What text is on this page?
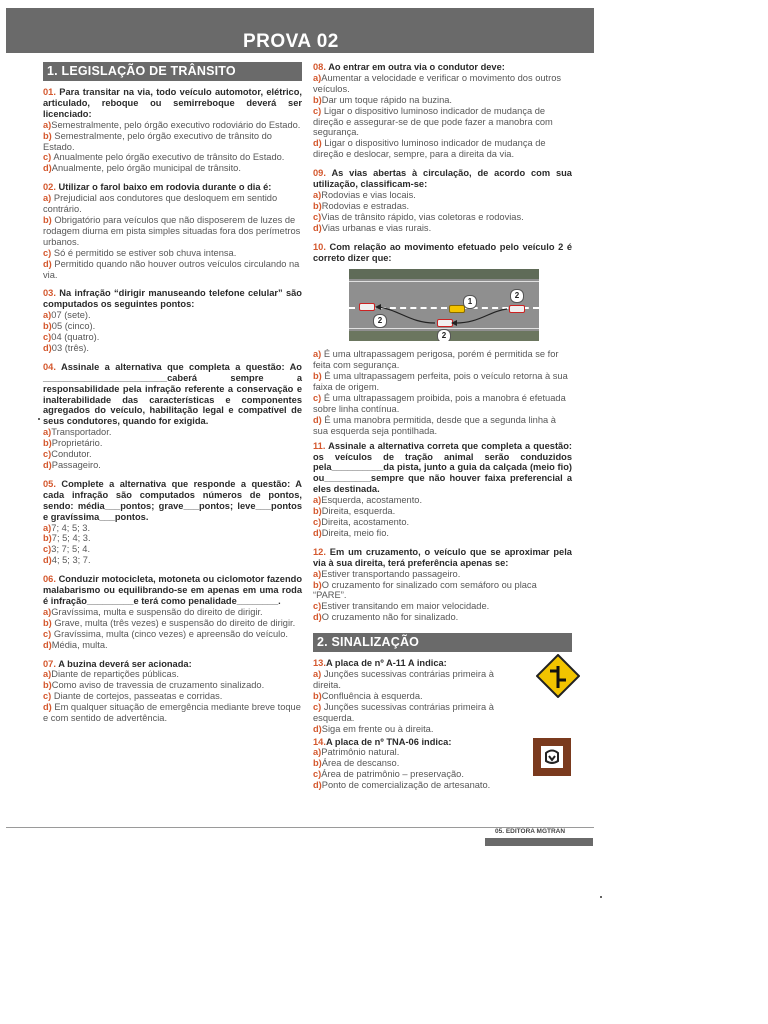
PROVA 02
1. LEGISLAÇÃO DE TRÂNSITO
01. Para transitar na via, todo veículo automotor, elétrico, articulado, reboque ou semirreboque deverá ser licenciado:
a)Semestralmente, pelo órgão executivo rodoviário do Estado.
b) Semestralmente, pelo órgão executivo de trânsito do Estado.
c) Anualmente pelo órgão executivo de trânsito do Estado.
d)Anualmente, pelo órgão municipal de trânsito.
02. Utilizar o farol baixo em rodovia durante o dia é:
a) Prejudicial aos condutores que desloquem em sentido contrário.
b) Obrigatório para veículos que não disposerem de luzes de rodagem diurna em pista simples situadas fora dos perímetros urbanos.
c) Só é permitido se estiver sob chuva intensa.
d) Permitido quando não houver outros veículos circulando na via.
03. Na infração “dirigir manuseando telefone celular” são computados os seguintes pontos:
a)07 (sete).
b)05 (cinco).
c)04 (quatro).
d)03 (três).
04. Assinale a alternativa que completa a questão: Ao ________________________caberá sempre a responsabilidade pela infração referente a conservação e inalterabilidade das características e componentes agregados do veículo, habilitação legal e compatível de seus condutores, quando for exigida.
a)Transportador.
b)Proprietário.
c)Condutor.
d)Passageiro.
05. Complete a alternativa que responde a questão: A cada infração são computados números de pontos, sendo: média___pontos; grave___pontos; leve___pontos e gravíssima___pontos.
a)7; 4; 5; 3.
b)7; 5; 4; 3.
c)3; 7; 5; 4.
d)4; 5; 3; 7.
06. Conduzir motocicleta, motoneta ou ciclomotor fazendo malabarismo ou equilibrando-se em apenas em uma roda é infração_________e terá como penalidade________.
a)Gravíssima, multa e suspensão do direito de dirigir.
b) Grave, multa (três vezes) e suspensão do direito de dirigir.
c) Gravíssima, multa (cinco vezes) e apreensão do veículo.
d)Média, multa.
07. A buzina deverá ser acionada:
a)Diante de repartições públicas.
b)Como aviso de travessia de cruzamento sinalizado.
c) Diante de cortejos, passeatas e corridas.
d) Em qualquer situação de emergência mediante breve toque e com sentido de advertência.
08. Ao entrar em outra via o condutor deve:
a)Aumentar a velocidade e verificar o movimento dos outros veículos.
b)Dar um toque rápido na buzina.
c) Ligar o dispositivo luminoso indicador de mudança de direção e assegurar-se de que pode fazer a manobra com segurança.
d) Ligar o dispositivo luminoso indicador de mudança de direção e deslocar, sempre, para a direita da via.
09. As vias abertas à circulação, de acordo com sua utilização, classificam-se:
a)Rodovias e vias locais.
b)Rodovias e estradas.
c)Vias de trânsito rápido, vias coletoras e rodovias.
d)Vias urbanas e vias rurais.
10. Com relação ao movimento efetuado pelo veículo 2 é correto dizer que:
1
2
2
2
a) É uma ultrapassagem perigosa, porém é permitida se for feita com segurança.
b) É uma ultrapassagem perfeita, pois o veículo retorna à sua faixa de origem.
c) É uma ultrapassagem proibida, pois a manobra é efetuada sobre linha contínua.
d) É uma manobra permitida, desde que a segunda linha à sua esquerda seja pontilhada.
11. Assinale a alternativa correta que completa a questão: os veículos de tração animal serão conduzidos pela__________da pista, junto a guia da calçada (meio fio) ou_________sempre que não houver faixa preferencial a eles destinada.
a)Esquerda, acostamento.
b)Direita, esquerda.
c)Direita, acostamento.
d)Direita, meio fio.
12. Em um cruzamento, o veículo que se aproximar pela via à sua direita, terá preferência apenas se:
a)Estiver transportando passageiro.
b)O cruzamento for sinalizado com semáforo ou placa “PARE”.
c)Estiver transitando em maior velocidade.
d)O cruzamento não for sinalizado.
2. SINALIZAÇÃO
13.A placa de nº A-11 A indica:
a) Junções sucessivas contrárias primeira à direita.
b)Confluência à esquerda.
c) Junções sucessivas contrárias primeira à esquerda.
d)Siga em frente ou à direita.
14.A placa de nº TNA-06 indica:
a)Patrimônio natural.
b)Área de descanso.
c)Área de patrimônio – preservação.
d)Ponto de comercialização de artesanato.
05. EDITORA MGTRAN
